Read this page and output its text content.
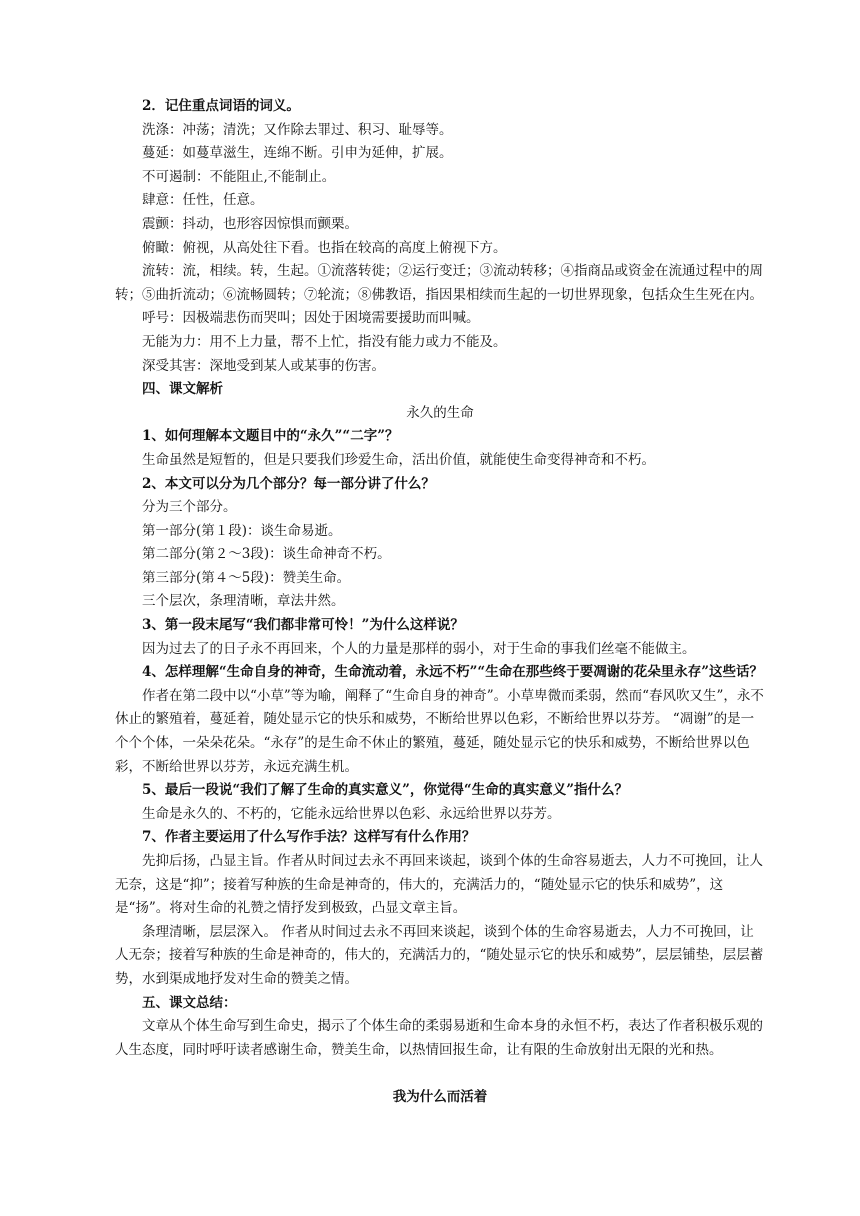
2．记住重点词语的词义。

洗涤：冲荡；清洗；又作除去罪过、积习、耻辱等。

蔓延：如蔓草滋生，连绵不断。引申为延伸，扩展。

不可遏制：不能阻止,不能制止。

肆意：任性，任意。

震颤：抖动，也形容因惊惧而颤栗。

俯瞰：俯视，从高处往下看。也指在较高的高度上俯视下方。

流转：流，相续。转，生起。①流落转徙；②运行变迁；③流动转移；④指商品或资金在流通过程中的周转；⑤曲折流动；⑥流畅圆转；⑦轮流；⑧佛教语，指因果相续而生起的一切世界现象，包括众生生死在内。

呼号：因极端悲伤而哭叫；因处于困境需要援助而叫喊。

无能为力：用不上力量，帮不上忙，指没有能力或力不能及。

深受其害：深地受到某人或某事的伤害。

四、课文解析

永久的生命

1、如何理解本文题目中的“永久”“二字”？

生命虽然是短暂的，但是只要我们珍爱生命，活出价值，就能使生命变得神奇和不朽。

2、本文可以分为几个部分？每一部分讲了什么？

分为三个部分。

第一部分(第１段)：谈生命易逝。

第二部分(第２～3段)：谈生命神奇不朽。

第三部分(第４～5段)：赞美生命。

三个层次，条理清晰，章法井然。

3、第一段末尾写“我们都非常可怜！”为什么这样说？

因为过去了的日子永不再回来，个人的力量是那样的弱小，对于生命的事我们丝毫不能做主。

4、怎样理解“生命自身的神奇，生命流动着，永远不朽”“生命在那些终于要凋谢的花朵里永存”这些话？

作者在第二段中以“小草”等为喻，阐释了“生命自身的神奇”。小草卑微而柔弱，然而“春风吹又生”，永不休止的繁殖着，蔓延着，随处显示它的快乐和威势，不断给世界以色彩，不断给世界以芬芳。 “凋谢”的是一个个个体，一朵朵花朵。“永存”的是生命不休止的繁殖，蔓延，随处显示它的快乐和威势，不断给世界以色彩，不断给世界以芬芳，永远充满生机。

5、最后一段说“我们了解了生命的真实意义”，你觉得“生命的真实意义”指什么？

生命是永久的、不朽的，它能永远给世界以色彩、永远给世界以芬芳。

7、作者主要运用了什么写作手法？这样写有什么作用？

先抑后扬，凸显主旨。作者从时间过去永不再回来谈起，谈到个体的生命容易逝去，人力不可挽回，让人无奈，这是“抑”；接着写种族的生命是神奇的，伟大的，充满活力的，“随处显示它的快乐和威势”，这是“扬”。将对生命的礼赞之情抒发到极致，凸显文章主旨。

条理清晰，层层深入。 作者从时间过去永不再回来谈起，谈到个体的生命容易逝去，人力不可挽回，让人无奈；接着写种族的生命是神奇的，伟大的，充满活力的，“随处显示它的快乐和威势”，层层铺垫，层层蓄势，水到渠成地抒发对生命的赞美之情。

五、课文总结：

文章从个体生命写到生命史，揭示了个体生命的柔弱易逝和生命本身的永恒不朽，表达了作者积极乐观的人生态度，同时呼吁读者感谢生命，赞美生命，以热情回报生命，让有限的生命放射出无限的光和热。

我为什么而活着
